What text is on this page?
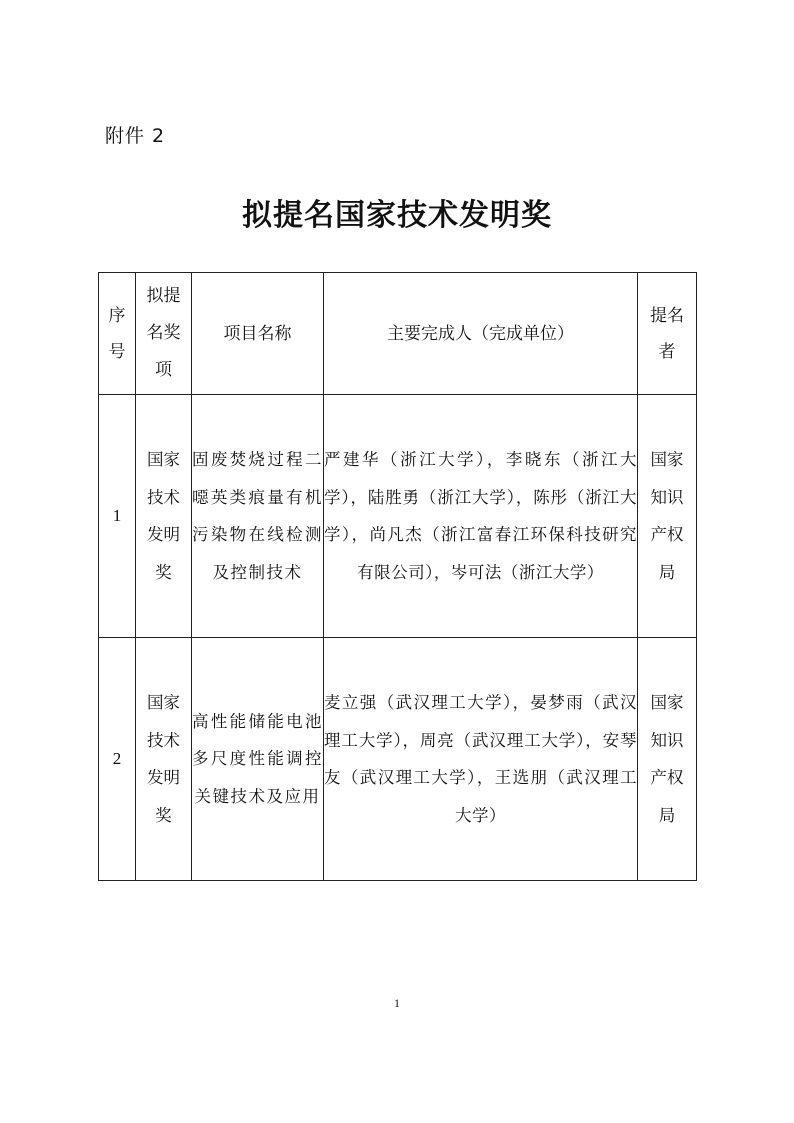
附件 2
拟提名国家技术发明奖
序号	拟提名奖项	项目名称	主要完成人（完成单位）	提名者
1	国家技术发明奖	固废焚烧过程二噁英类痕量有机污染物在线检测及控制技术	严建华（浙江大学），李晓东（浙江大学），陆胜勇（浙江大学），陈彤（浙江大学），尚凡杰（浙江富春江环保科技研究有限公司），岑可法（浙江大学）	国家知识产权局
2	国家技术发明奖	高性能储能电池多尺度性能调控关键技术及应用	麦立强（武汉理工大学），晏梦雨（武汉理工大学），周亮（武汉理工大学），安琴友（武汉理工大学），王选朋（武汉理工大学）	国家知识产权局
1
